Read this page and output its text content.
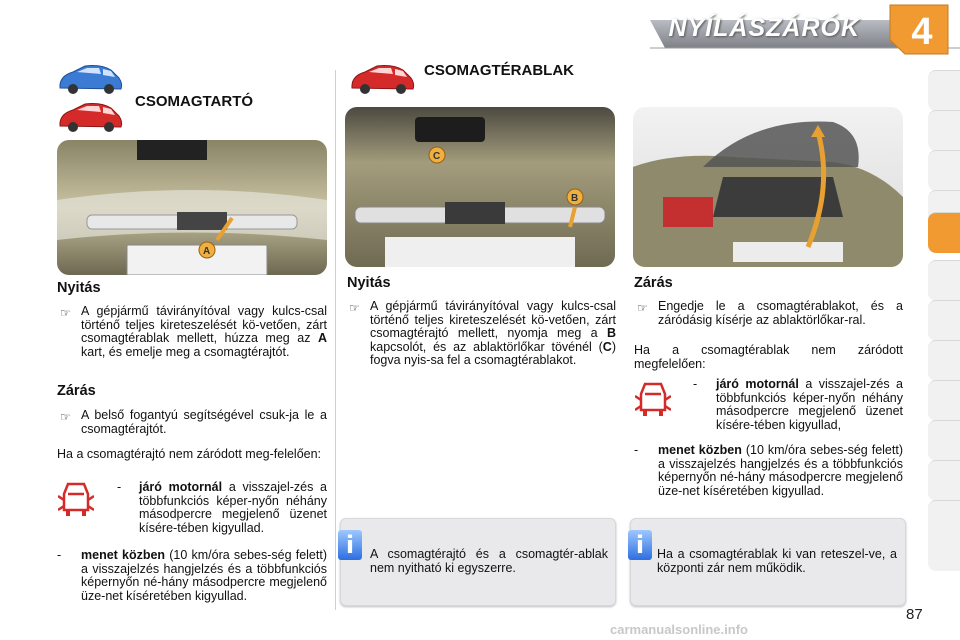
NYÍLÁSZÁRÓK	4
CSOMAGTARTÓ
A
Nyitás
☞ A gépjármű távirányítóval vagy kulcs-csal történő teljes kireteszelését kö-vetően, zárt csomagtérablak mellett, húzza meg az A kart, és emelje meg a csomagtérajtót.
Zárás
☞ A belső fogantyú segítségével csuk-ja le a csomagtérajtót.
Ha a csomagtérajtó nem záródott meg-felelően:
- járó motornál a visszajel-zés a többfunkciós képer-nyőn néhány másodpercre megjelenő üzenet kísére-tében kigyullad.
- menet közben (10 km/óra sebes-ség felett) a visszajelzés hangjelzés és a többfunkciós képernyőn né-hány másodpercre megjelenő üze-net kíséretében kigyullad.
CSOMAGTÉRABLAK
C
B
Nyitás
☞ A gépjármű távirányítóval vagy kulcs-csal történő teljes kireteszelését kö-vetően, zárt csomagtérajtó mellett, nyomja meg a B kapcsolót, és az ablaktörlőkar tövénél (C) fogva nyis-sa fel a csomagtérablakot.
i	A csomagtérajtó és a csomagtér-ablak nem nyitható ki egyszerre.
Zárás
☞ Engedje le a csomagtérablakot, és a záródásig kísérje az ablaktörlőkar-ral.
Ha a csomagtérablak nem záródott megfelelően:
- járó motornál a visszajel-zés a többfunkciós képer-nyőn néhány másodpercre megjelenő üzenet kísére-tében kigyullad,
- menet közben (10 km/óra sebes-ség felett) a visszajelzés hangjelzés és a többfunkciós képernyőn né-hány másodpercre megjelenő üze-net kíséretében kigyullad.
i	Ha a csomagtérablak ki van reteszel-ve, a központi zár nem működik.
87
carmanualsonline.info
